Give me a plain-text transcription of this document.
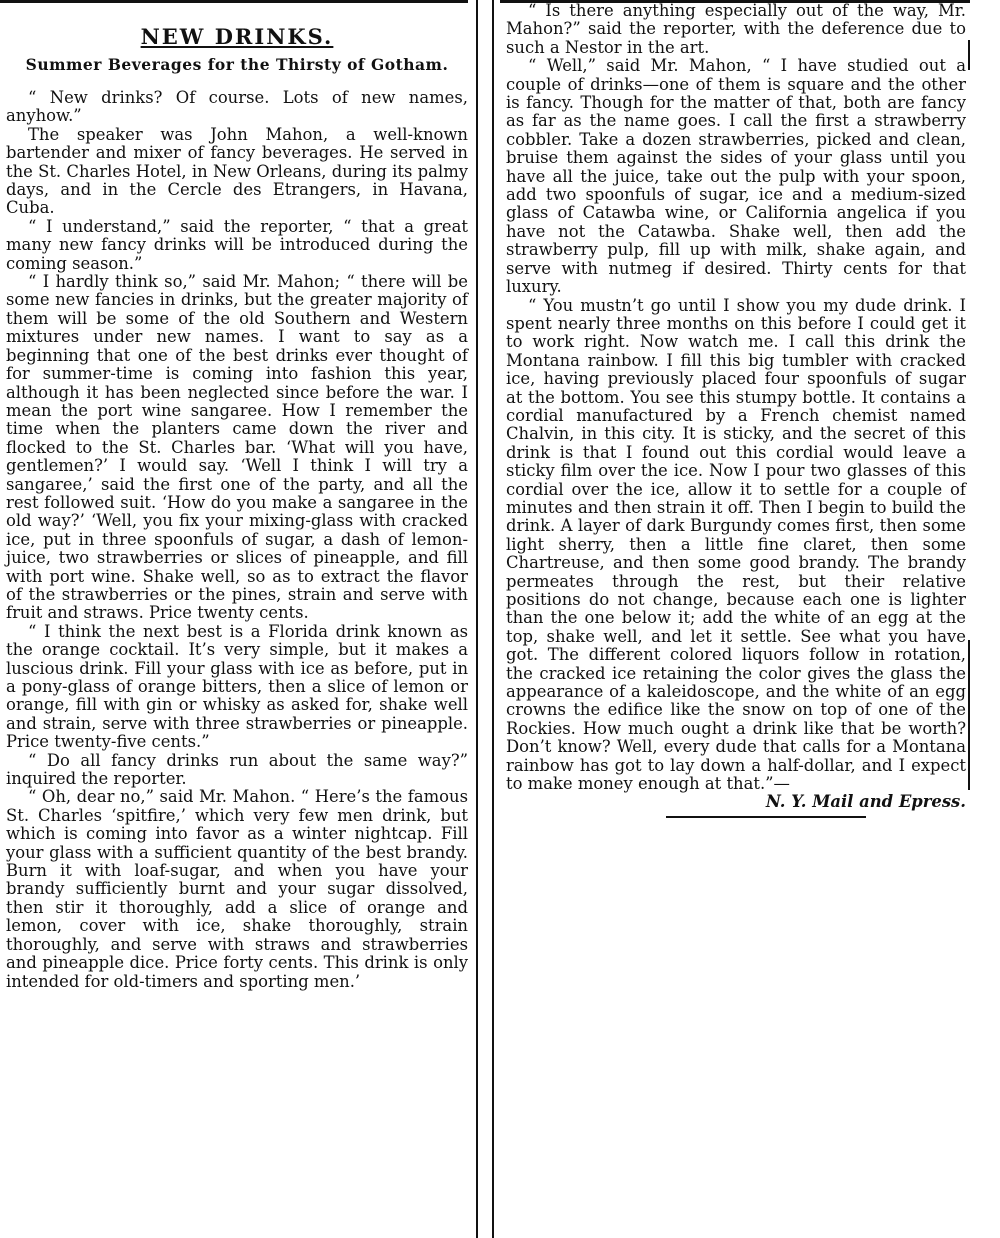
NEW DRINKS.
Summer Beverages for the Thirsty of Gotham.

“ New drinks? Of course. Lots of new names, anyhow.”

The speaker was John Mahon, a well-known bartender and mixer of fancy beverages. He served in the St. Charles Hotel, in New Orleans, during its palmy days, and in the Cercle des Etrangers, in Havana, Cuba.

“ I understand,” said the reporter, “ that a great many new fancy drinks will be introduced during the coming season.”

“ I hardly think so,” said Mr. Mahon; “ there will be some new fancies in drinks, but the greater majority of them will be some of the old Southern and Western mixtures under new names. I want to say as a beginning that one of the best drinks ever thought of for summer-time is coming into fashion this year, although it has been neglected since before the war. I mean the port wine sangaree. How I remember the time when the planters came down the river and flocked to the St. Charles bar. ‘What will you have, gentlemen?’ I would say. ‘Well I think I will try a sangaree,’ said the first one of the party, and all the rest followed suit. ‘How do you make a sangaree in the old way?’ ‘Well, you fix your mixing-glass with cracked ice, put in three spoonfuls of sugar, a dash of lemon-juice, two strawberries or slices of pineapple, and fill with port wine. Shake well, so as to extract the flavor of the strawberries or the pines, strain and serve with fruit and straws. Price twenty cents.

“ I think the next best is a Florida drink known as the orange cocktail. It’s very simple, but it makes a luscious drink. Fill your glass with ice as before, put in a pony-glass of orange bitters, then a slice of lemon or orange, fill with gin or whisky as asked for, shake well and strain, serve with three strawberries or pineapple. Price twenty-five cents.”

“ Do all fancy drinks run about the same way?” inquired the reporter.

“ Oh, dear no,” said Mr. Mahon. “ Here’s the famous St. Charles ‘spitfire,’ which very few men drink, but which is coming into favor as a winter nightcap. Fill your glass with a sufficient quantity of the best brandy. Burn it with loaf-sugar, and when you have your brandy sufficiently burnt and your sugar dissolved, then stir it thoroughly, add a slice of orange and lemon, cover with ice, shake thoroughly, strain thoroughly, and serve with straws and strawberries and pineapple dice. Price forty cents. This drink is only intended for old-timers and sporting men.’

“ Is there anything especially out of the way, Mr. Mahon?” said the reporter, with the deference due to such a Nestor in the art.

“ Well,” said Mr. Mahon, “ I have studied out a couple of drinks—one of them is square and the other is fancy. Though for the matter of that, both are fancy as far as the name goes. I call the first a strawberry cobbler. Take a dozen strawberries, picked and clean, bruise them against the sides of your glass until you have all the juice, take out the pulp with your spoon, add two spoonfuls of sugar, ice and a medium-sized glass of Catawba wine, or California angelica if you have not the Catawba. Shake well, then add the strawberry pulp, fill up with milk, shake again, and serve with nutmeg if desired. Thirty cents for that luxury.

“ You mustn’t go until I show you my dude drink. I spent nearly three months on this before I could get it to work right. Now watch me. I call this drink the Montana rainbow. I fill this big tumbler with cracked ice, having previously placed four spoonfuls of sugar at the bottom. You see this stumpy bottle. It contains a cordial manufactured by a French chemist named Chalvin, in this city. It is sticky, and the secret of this drink is that I found out this cordial would leave a sticky film over the ice. Now I pour two glasses of this cordial over the ice, allow it to settle for a couple of minutes and then strain it off. Then I begin to build the drink. A layer of dark Burgundy comes first, then some light sherry, then a little fine claret, then some Chartreuse, and then some good brandy. The brandy permeates through the rest, but their relative positions do not change, because each one is lighter than the one below it; add the white of an egg at the top, shake well, and let it settle. See what you have got. The different colored liquors follow in rotation, the cracked ice retaining the color gives the glass the appearance of a kaleidoscope, and the white of an egg crowns the edifice like the snow on top of one of the Rockies. How much ought a drink like that be worth? Don’t know? Well, every dude that calls for a Montana rainbow has got to lay down a half-dollar, and I expect to make money enough at that.”—

N. Y. Mail and Epress.
